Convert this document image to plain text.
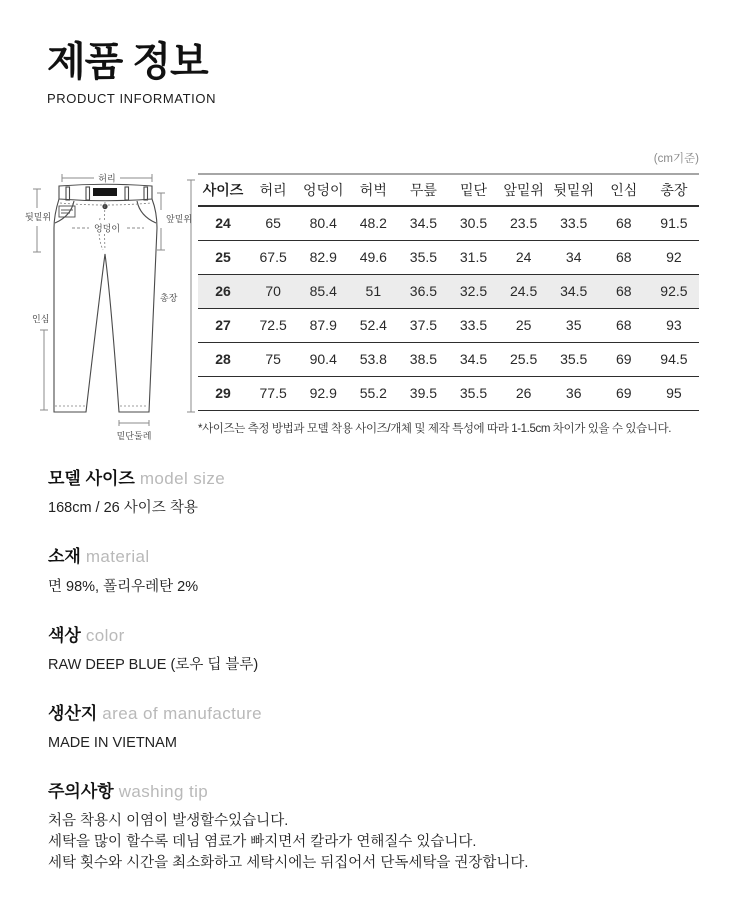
제품 정보
PRODUCT INFORMATION
허리
엉덩이
뒷밑위	앞밑위
인심
총장
밑단둘레
(cm기준)
사이즈	허리	엉덩이	허벅	무릎	밑단	앞밑위	뒷밑위	인심	총장
24	65	80.4	48.2	34.5	30.5	23.5	33.5	68	91.5
25	67.5	82.9	49.6	35.5	31.5	24	34	68	92
26	70	85.4	51	36.5	32.5	24.5	34.5	68	92.5
27	72.5	87.9	52.4	37.5	33.5	25	35	68	93
28	75	90.4	53.8	38.5	34.5	25.5	35.5	69	94.5
29	77.5	92.9	55.2	39.5	35.5	26	36	69	95
*사이즈는 측정 방법과 모델 착용 사이즈/개체 및 제작 특성에 따라 1-1.5cm 차이가 있을 수 있습니다.
모델 사이즈 model size
168cm / 26 사이즈 착용
소재 material
면 98%, 폴리우레탄 2%
색상 color
RAW DEEP BLUE (로우 딥 블루)
생산지 area of manufacture
MADE IN VIETNAM
주의사항 washing tip
처음 착용시 이염이 발생할수있습니다.
세탁을 많이 할수록 데님 염료가 빠지면서 칼라가 연해질수 있습니다.
세탁 횟수와 시간을 최소화하고 세탁시에는 뒤집어서 단독세탁을 권장합니다.
